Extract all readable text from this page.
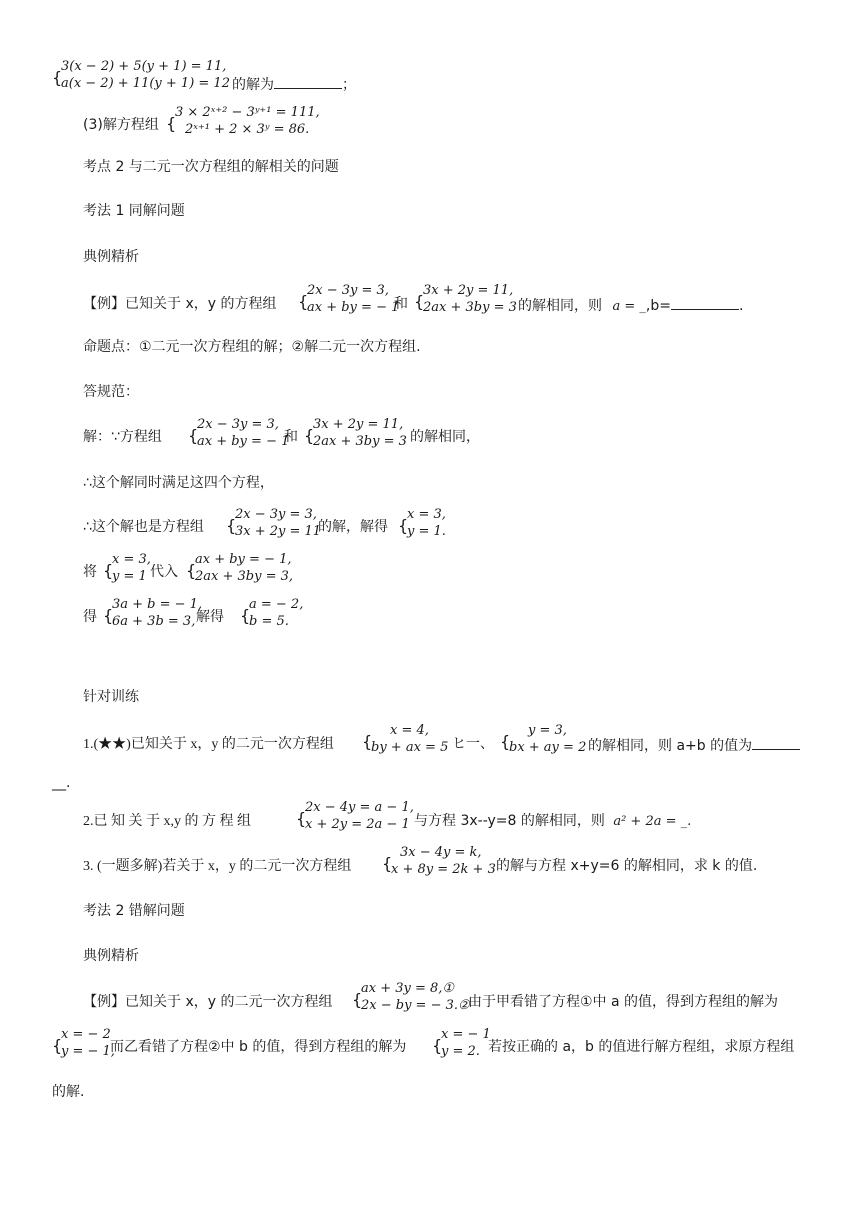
{
3(x − 2) + 5(y + 1) = 11,
a(x − 2) + 11(y + 1) = 12 的解为	；
(3)解方程组 {
3 × 2ˣ⁺² − 3ʸ⁺¹ = 111,
2ˣ⁺¹ + 2 × 3ʸ = 86.
考点 2 与二元一次方程组的解相关的问题
考法 1 同解问题
典例精析
【例】已知关于 x，y 的方程组 {
2x − 3y = 3,
ax + by = − 1
和 {
3x + 2y = 11,
2ax + 3by = 3 的解相同，则 a = _,b=	.
命题点：①二元一次方程组的解；②解二元一次方程组.
答规范：
解：∵方程组 {
2x − 3y = 3,
ax + by = − 1
和 {
3x + 2y = 11,
2ax + 3by = 3 的解相同，
∴这个解同时满足这四个方程，
∴这个解也是方程组 {
2x − 3y = 3,
3x + 2y = 11
的解，解得 {
x = 3,
y = 1.
将 {
x = 3,
y = 1 代入 {
ax + by = − 1,
2ax + 3by = 3,
得 {
3a + b = − 1,
6a + 3b = 3, 解得 {
a = − 2,
b = 5.
针对训练
1.(★★)已知关于 x，y 的二元一次方程组 {
x = 4,
by + ax = 5 ヒ一、 {
y = 3,
bx + ay = 2 的解相同，则 a+b 的值为
__.
2.已 知 关 于 x,y 的 方 程 组	{
2x − 4y = a − 1,
x + 2y = 2a − 1 与方程 3x--y=8 的解相同，则 a² + 2a = _.
3. (一题多解)若关于 x，y 的二元一次方程组 {
3x − 4y = k,
x + 8y = 2k + 3 的解与方程 x+y=6 的解相同，求 k 的值.
考法 2 错解问题
典例精析
【例】已知关于 x，y 的二元一次方程组 {
ax + 3y = 8,①
2x − by = − 3.②
由于甲看错了方程①中 a 的值，得到方程组的解为
{
x = − 2
y = − 1,
而乙看错了方程②中 b 的值，得到方程组的解为 {
x = − 1
y = 2. 若按正确的 a，b 的值进行解方程组，求原方程组
的解.
